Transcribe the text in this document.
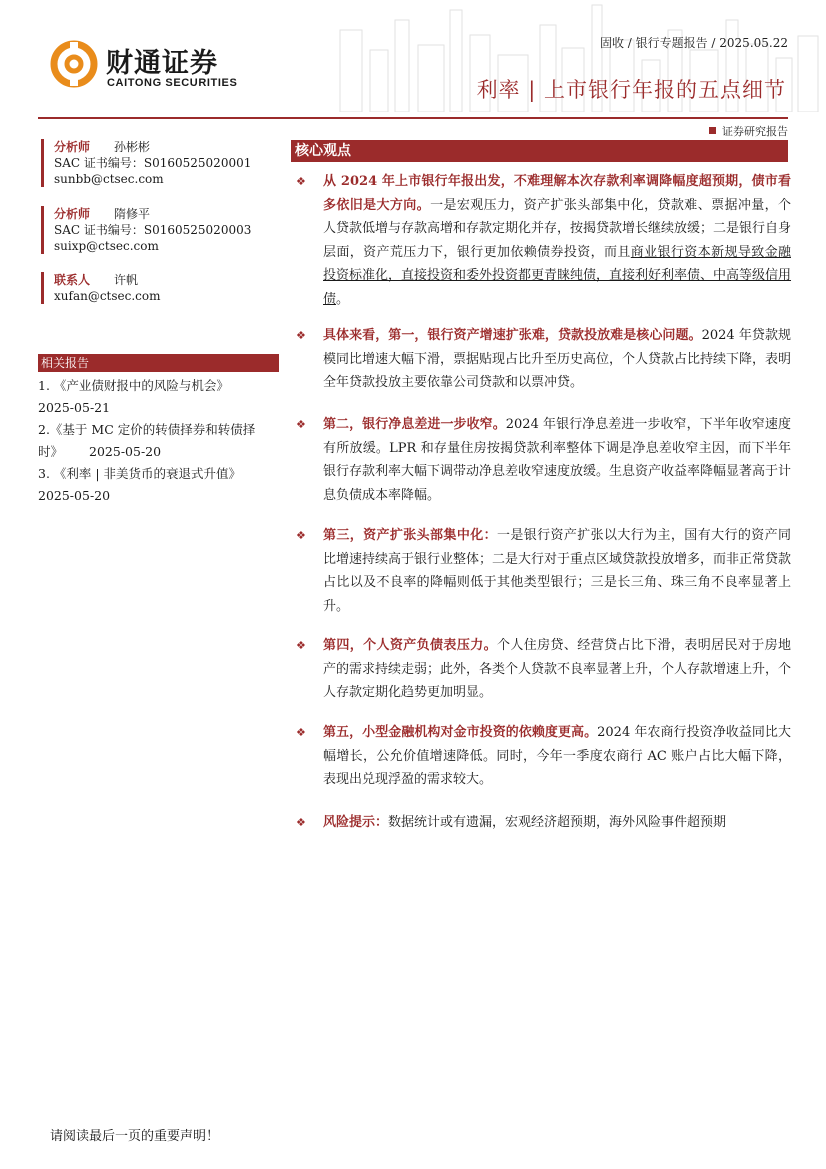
财通证券
CAITONG SECURITIES
固收 / 银行专题报告 / 2025.05.22
利率 | 上市银行年报的五点细节
证券研究报告
分析师 孙彬彬
SAC 证书编号：S0160525020001
sunbb@ctsec.com
分析师 隋修平
SAC 证书编号：S0160525020003
suixp@ctsec.com
联系人 许帆
xufan@ctsec.com
相关报告
1. 《产业债财报中的风险与机会》
2025-05-21
2.《基于 MC 定价的转债择券和转债择
时》 2025-05-20
3. 《利率 | 非美货币的衰退式升值》
2025-05-20
核心观点
❖ 从 2024 年上市银行年报出发，不难理解本次存款利率调降幅度超预期，债市看多依旧是大方向。一是宏观压力，资产扩张头部集中化，贷款难、票据冲量，个人贷款低增与存款高增和存款定期化并存，按揭贷款增长继续放缓；二是银行自身层面，资产荒压力下，银行更加依赖债券投资，而且商业银行资本新规导致金融投资标准化，直接投资和委外投资都更青睐纯债，直接利好利率债、中高等级信用债。
❖ 具体来看，第一，银行资产增速扩张难，贷款投放难是核心问题。2024 年贷款规模同比增速大幅下滑，票据贴现占比升至历史高位，个人贷款占比持续下降，表明全年贷款投放主要依靠公司贷款和以票冲贷。
❖ 第二，银行净息差进一步收窄。2024 年银行净息差进一步收窄，下半年收窄速度有所放缓。LPR 和存量住房按揭贷款利率整体下调是净息差收窄主因，而下半年银行存款利率大幅下调带动净息差收窄速度放缓。生息资产收益率降幅显著高于计息负债成本率降幅。
❖ 第三，资产扩张头部集中化：一是银行资产扩张以大行为主，国有大行的资产同比增速持续高于银行业整体；二是大行对于重点区域贷款投放增多，而非正常贷款占比以及不良率的降幅则低于其他类型银行；三是长三角、珠三角不良率显著上升。
❖ 第四，个人资产负债表压力。个人住房贷、经营贷占比下滑，表明居民对于房地产的需求持续走弱；此外，各类个人贷款不良率显著上升，个人存款增速上升，个人存款定期化趋势更加明显。
❖ 第五，小型金融机构对金市投资的依赖度更高。2024 年农商行投资净收益同比大幅增长，公允价值增速降低。同时，今年一季度农商行 AC 账户占比大幅下降，表现出兑现浮盈的需求较大。
❖ 风险提示：数据统计或有遗漏，宏观经济超预期，海外风险事件超预期
请阅读最后一页的重要声明！
